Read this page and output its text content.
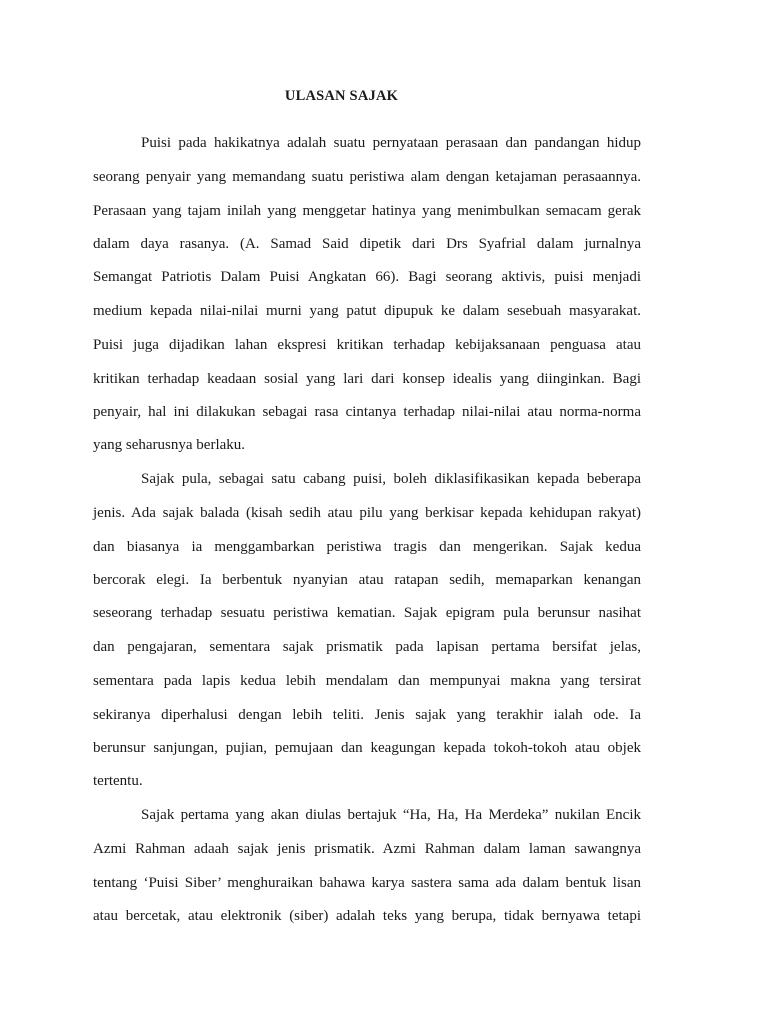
ULASAN SAJAK
Puisi pada hakikatnya adalah suatu pernyataan perasaan dan pandangan hidup
seorang penyair yang memandang suatu peristiwa alam dengan ketajaman perasaannya.
Perasaan yang tajam inilah yang menggetar hatinya yang menimbulkan semacam gerak
dalam daya rasanya. (A. Samad Said dipetik dari Drs Syafrial dalam jurnalnya
Semangat Patriotis Dalam Puisi Angkatan 66). Bagi seorang aktivis, puisi menjadi
medium kepada nilai-nilai murni yang patut dipupuk ke dalam sesebuah masyarakat.
Puisi juga dijadikan lahan ekspresi kritikan terhadap kebijaksanaan penguasa atau
kritikan terhadap keadaan sosial yang lari dari konsep idealis yang diinginkan. Bagi
penyair, hal ini dilakukan sebagai rasa cintanya terhadap nilai-nilai atau norma-norma
yang seharusnya berlaku.
Sajak pula, sebagai satu cabang puisi, boleh diklasifikasikan kepada beberapa
jenis. Ada sajak balada (kisah sedih atau pilu yang berkisar kepada kehidupan rakyat)
dan biasanya ia menggambarkan peristiwa tragis dan mengerikan. Sajak kedua
bercorak elegi. Ia berbentuk nyanyian atau ratapan sedih, memaparkan kenangan
seseorang terhadap sesuatu peristiwa kematian. Sajak epigram pula berunsur nasihat
dan pengajaran, sementara sajak prismatik pada lapisan pertama bersifat jelas,
sementara pada lapis kedua lebih mendalam dan mempunyai makna yang tersirat
sekiranya diperhalusi dengan lebih teliti. Jenis sajak yang terakhir ialah ode. Ia
berunsur sanjungan, pujian, pemujaan dan keagungan kepada tokoh-tokoh atau objek
tertentu.
Sajak pertama yang akan diulas bertajuk “Ha, Ha, Ha Merdeka” nukilan Encik
Azmi Rahman adaah sajak jenis prismatik. Azmi Rahman dalam laman sawangnya
tentang ‘Puisi Siber’ menghuraikan bahawa karya sastera sama ada dalam bentuk lisan
atau bercetak, atau elektronik (siber) adalah teks yang berupa, tidak bernyawa tetapi
